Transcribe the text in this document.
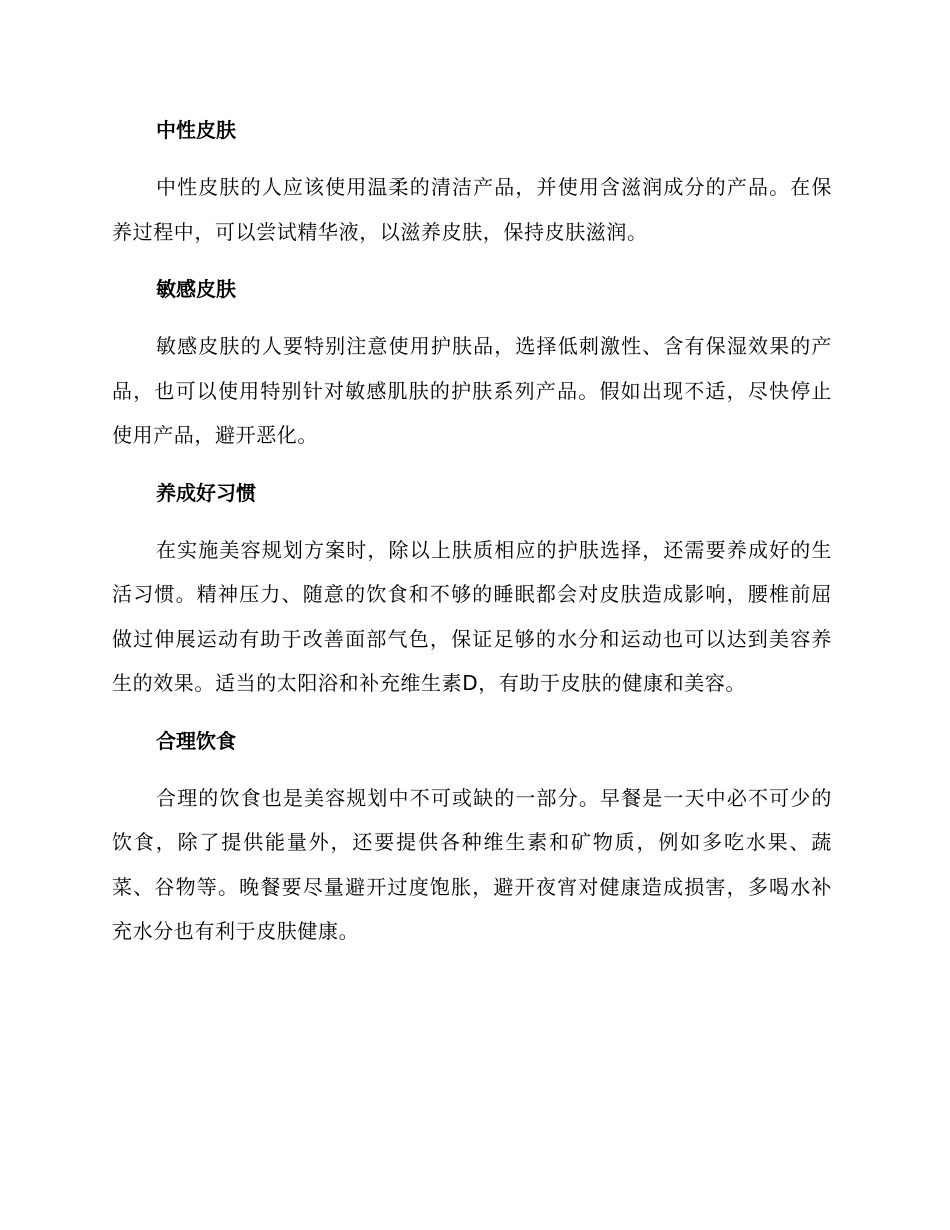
中性皮肤

中性皮肤的人应该使用温柔的清洁产品，并使用含滋润成分的产品。在保养过程中，可以尝试精华液，以滋养皮肤，保持皮肤滋润。

敏感皮肤

敏感皮肤的人要特别注意使用护肤品，选择低刺激性、含有保湿效果的产品，也可以使用特别针对敏感肌肤的护肤系列产品。假如出现不适，尽快停止使用产品，避开恶化。

养成好习惯

在实施美容规划方案时，除以上肤质相应的护肤选择，还需要养成好的生活习惯。精神压力、随意的饮食和不够的睡眠都会对皮肤造成影响，腰椎前屈做过伸展运动有助于改善面部气色，保证足够的水分和运动也可以达到美容养生的效果。适当的太阳浴和补充维生素D，有助于皮肤的健康和美容。

合理饮食

合理的饮食也是美容规划中不可或缺的一部分。早餐是一天中必不可少的饮食，除了提供能量外，还要提供各种维生素和矿物质，例如多吃水果、蔬菜、谷物等。晚餐要尽量避开过度饱胀，避开夜宵对健康造成损害，多喝水补充水分也有利于皮肤健康。
